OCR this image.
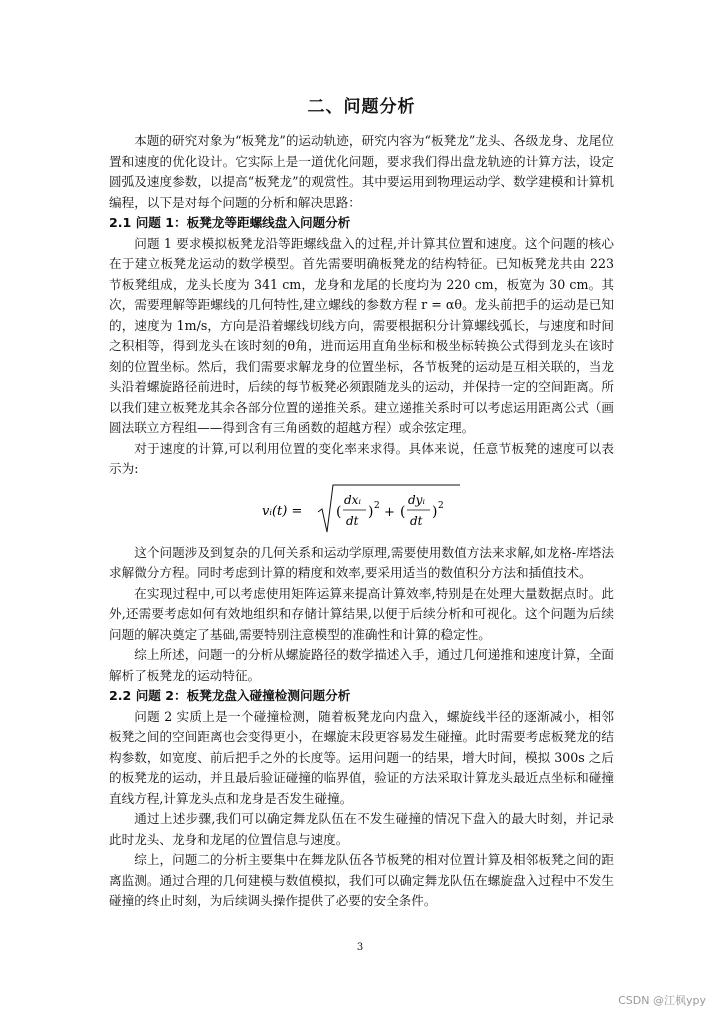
二、问题分析

本题的研究对象为“板凳龙”的运动轨迹，研究内容为“板凳龙”龙头、各级龙身、龙尾位置和速度的优化设计。它实际上是一道优化问题，要求我们得出盘龙轨迹的计算方法，设定圆弧及速度参数，以提高“板凳龙”的观赏性。其中要运用到物理运动学、数学建模和计算机编程，以下是对每个问题的分析和解决思路：

2.1 问题 1：板凳龙等距螺线盘入问题分析

问题 1 要求模拟板凳龙沿等距螺线盘入的过程,并计算其位置和速度。这个问题的核心在于建立板凳龙运动的数学模型。首先需要明确板凳龙的结构特征。已知板凳龙共由 223 节板凳组成，龙头长度为 341 cm，龙身和龙尾的长度均为 220 cm，板宽为 30 cm。其次，需要理解等距螺线的几何特性,建立螺线的参数方程 r = αθ。龙头前把手的运动是已知的，速度为 1m/s，方向是沿着螺线切线方向，需要根据积分计算螺线弧长，与速度和时间之积相等，得到龙头在该时刻的θ角，进而运用直角坐标和极坐标转换公式得到龙头在该时刻的位置坐标。然后，我们需要求解龙身的位置坐标，各节板凳的运动是互相关联的，当龙头沿着螺旋路径前进时，后续的每节板凳必须跟随龙头的运动，并保持一定的空间距离。所以我们建立板凳龙其余各部分位置的递推关系。建立递推关系时可以考虑运用距离公式（画圆法联立方程组——得到含有三角函数的超越方程）或余弦定理。

对于速度的计算,可以利用位置的变化率来求得。具体来说，任意节板凳的速度可以表示为:

vᵢ(t) = (
dxᵢ
dt
) 2 + (
dyᵢ
dt
) 2

这个问题涉及到复杂的几何关系和运动学原理,需要使用数值方法来求解,如龙格-库塔法求解微分方程。同时考虑到计算的精度和效率,要采用适当的数值积分方法和插值技术。

在实现过程中,可以考虑使用矩阵运算来提高计算效率,特别是在处理大量数据点时。此外,还需要考虑如何有效地组织和存储计算结果,以便于后续分析和可视化。这个问题为后续问题的解决奠定了基础,需要特别注意模型的准确性和计算的稳定性。

综上所述，问题一的分析从螺旋路径的数学描述入手，通过几何递推和速度计算，全面解析了板凳龙的运动特征。

2.2 问题 2：板凳龙盘入碰撞检测问题分析

问题 2 实质上是一个碰撞检测，随着板凳龙向内盘入，螺旋线半径的逐渐减小，相邻板凳之间的空间距离也会变得更小，在螺旋末段更容易发生碰撞。此时需要考虑板凳龙的结构参数，如宽度、前后把手之外的长度等。运用问题一的结果，增大时间，模拟 300s 之后的板凳龙的运动，并且最后验证碰撞的临界值，验证的方法采取计算龙头最近点坐标和碰撞直线方程,计算龙头点和龙身是否发生碰撞。

通过上述步骤,我们可以确定舞龙队伍在不发生碰撞的情况下盘入的最大时刻，并记录此时龙头、龙身和龙尾的位置信息与速度。

综上，问题二的分析主要集中在舞龙队伍各节板凳的相对位置计算及相邻板凳之间的距离监测。通过合理的几何建模与数值模拟，我们可以确定舞龙队伍在螺旋盘入过程中不发生碰撞的终止时刻，为后续调头操作提供了必要的安全条件。

3
CSDN @江枫ypy
